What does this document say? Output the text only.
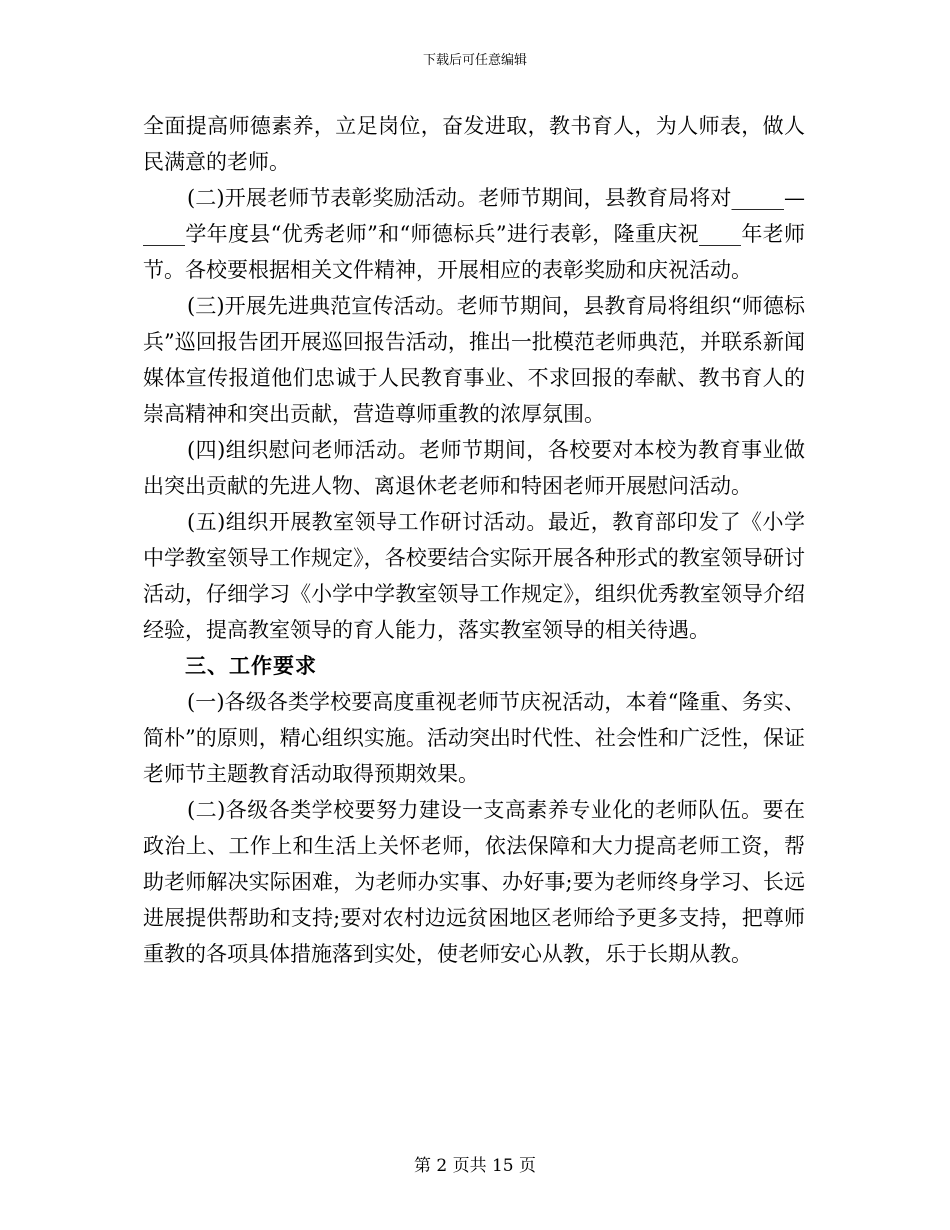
下载后可任意编辑

全面提高师德素养，立足岗位，奋发进取，教书育人，为人师表，做人民满意的老师。

(二)开展老师节表彰奖励活动。老师节期间，县教育局将对_____—____学年度县“优秀老师”和“师德标兵”进行表彰，隆重庆祝____年老师节。各校要根据相关文件精神，开展相应的表彰奖励和庆祝活动。

(三)开展先进典范宣传活动。老师节期间，县教育局将组织“师德标兵”巡回报告团开展巡回报告活动，推出一批模范老师典范，并联系新闻媒体宣传报道他们忠诚于人民教育事业、不求回报的奉献、教书育人的崇高精神和突出贡献，营造尊师重教的浓厚氛围。

(四)组织慰问老师活动。老师节期间，各校要对本校为教育事业做出突出贡献的先进人物、离退休老老师和特困老师开展慰问活动。

(五)组织开展教室领导工作研讨活动。最近，教育部印发了《小学中学教室领导工作规定》，各校要结合实际开展各种形式的教室领导研讨活动，仔细学习《小学中学教室领导工作规定》，组织优秀教室领导介绍经验，提高教室领导的育人能力，落实教室领导的相关待遇。

三、工作要求

(一)各级各类学校要高度重视老师节庆祝活动，本着“隆重、务实、简朴”的原则，精心组织实施。活动突出时代性、社会性和广泛性，保证老师节主题教育活动取得预期效果。

(二)各级各类学校要努力建设一支高素养专业化的老师队伍。要在政治上、工作上和生活上关怀老师，依法保障和大力提高老师工资，帮助老师解决实际困难，为老师办实事、办好事;要为老师终身学习、长远进展提供帮助和支持;要对农村边远贫困地区老师给予更多支持，把尊师重教的各项具体措施落到实处，使老师安心从教，乐于长期从教。

第 2 页共 15 页
